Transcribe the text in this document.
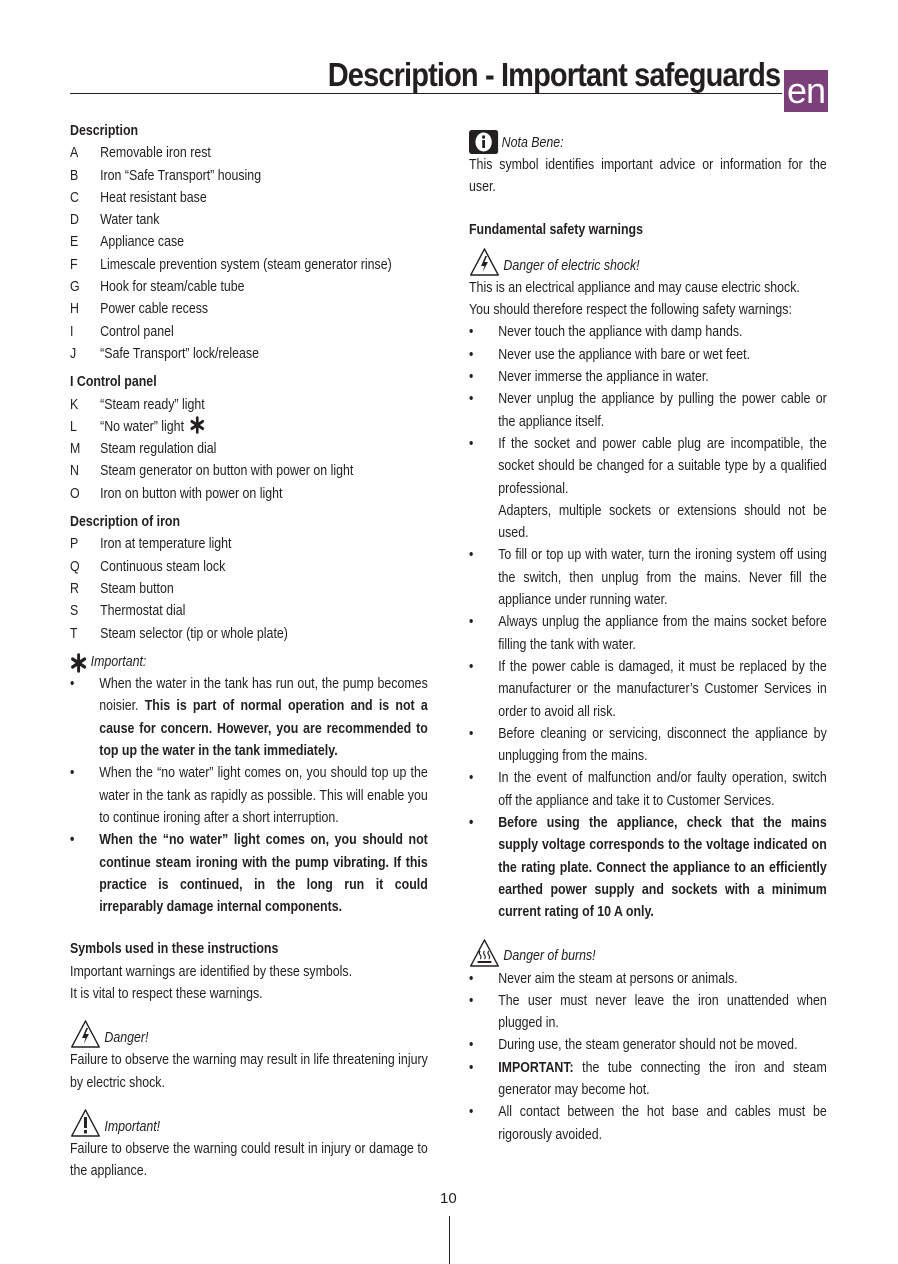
Description - Important safeguards en

Description

A	Removable iron rest
B	Iron “Safe Transport” housing
C	Heat resistant base
D	Water tank
E	Appliance case
F	Limescale prevention system (steam generator rinse)
G	Hook for steam/cable tube
H	Power cable recess
I	Control panel
J	“Safe Transport” lock/release

I Control panel

K	“Steam ready” light
L	“No water” light
M	Steam regulation dial
N	Steam generator on button with power on light
O	Iron on button with power on light

Description of iron

P	Iron at temperature light
Q	Continuous steam lock
R	Steam button
S	Thermostat dial
T	Steam selector (tip or whole plate)
Important:
•	When the water in the tank has run out, the pump becomes noisier. This is part of normal operation and is not a cause for concern. However, you are recommended to top up the water in the tank immediately.
•	When the “no water” light comes on, you should top up the water in the tank as rapidly as possible. This will enable you to continue ironing after a short interruption.
•	When the “no water” light comes on, you should not continue steam ironing with the pump vibrating. If this practice is continued, in the long run it could irreparably damage internal components.

Symbols used in these instructions

Important warnings are identified by these symbols.

It is vital to respect these warnings.

Danger!

Failure to observe the warning may result in life threatening injury by electric shock.

Important!

Failure to observe the warning could result in injury or damage to the appliance.

Nota Bene:

This symbol identifies important advice or information for the user.

Fundamental safety warnings

Danger of electric shock!

This is an electrical appliance and may cause electric shock.

You should therefore respect the following safety warnings:

•	Never touch the appliance with damp hands.
•	Never use the appliance with bare or wet feet.
•	Never immerse the appliance in water.
•	Never unplug the appliance by pulling the power cable or the appliance itself.
•	If the socket and power cable plug are incompatible, the socket should be changed for a suitable type by a qualified professional.
Adapters, multiple sockets or extensions should not be used.
•	To fill or top up with water, turn the ironing system off using the switch, then unplug from the mains. Never fill the appliance under running water.
•	Always unplug the appliance from the mains socket before filling the tank with water.
•	If the power cable is damaged, it must be replaced by the manufacturer or the manufacturer’s Customer Services in order to avoid all risk.
•	Before cleaning or servicing, disconnect the appliance by unplugging from the mains.
•	In the event of malfunction and/or faulty operation, switch off the appliance and take it to Customer Services.
•	Before using the appliance, check that the mains supply voltage corresponds to the voltage indicated on the rating plate. Connect the appliance to an efficiently earthed power supply and sockets with a minimum current rating of 10 A only.
Danger of burns!
•	Never aim the steam at persons or animals.
•	The user must never leave the iron unattended when plugged in.
•	During use, the steam generator should not be moved.
•	IMPORTANT: the tube connecting the iron and steam generator may become hot.
•	All contact between the hot base and cables must be rigorously avoided.
10
